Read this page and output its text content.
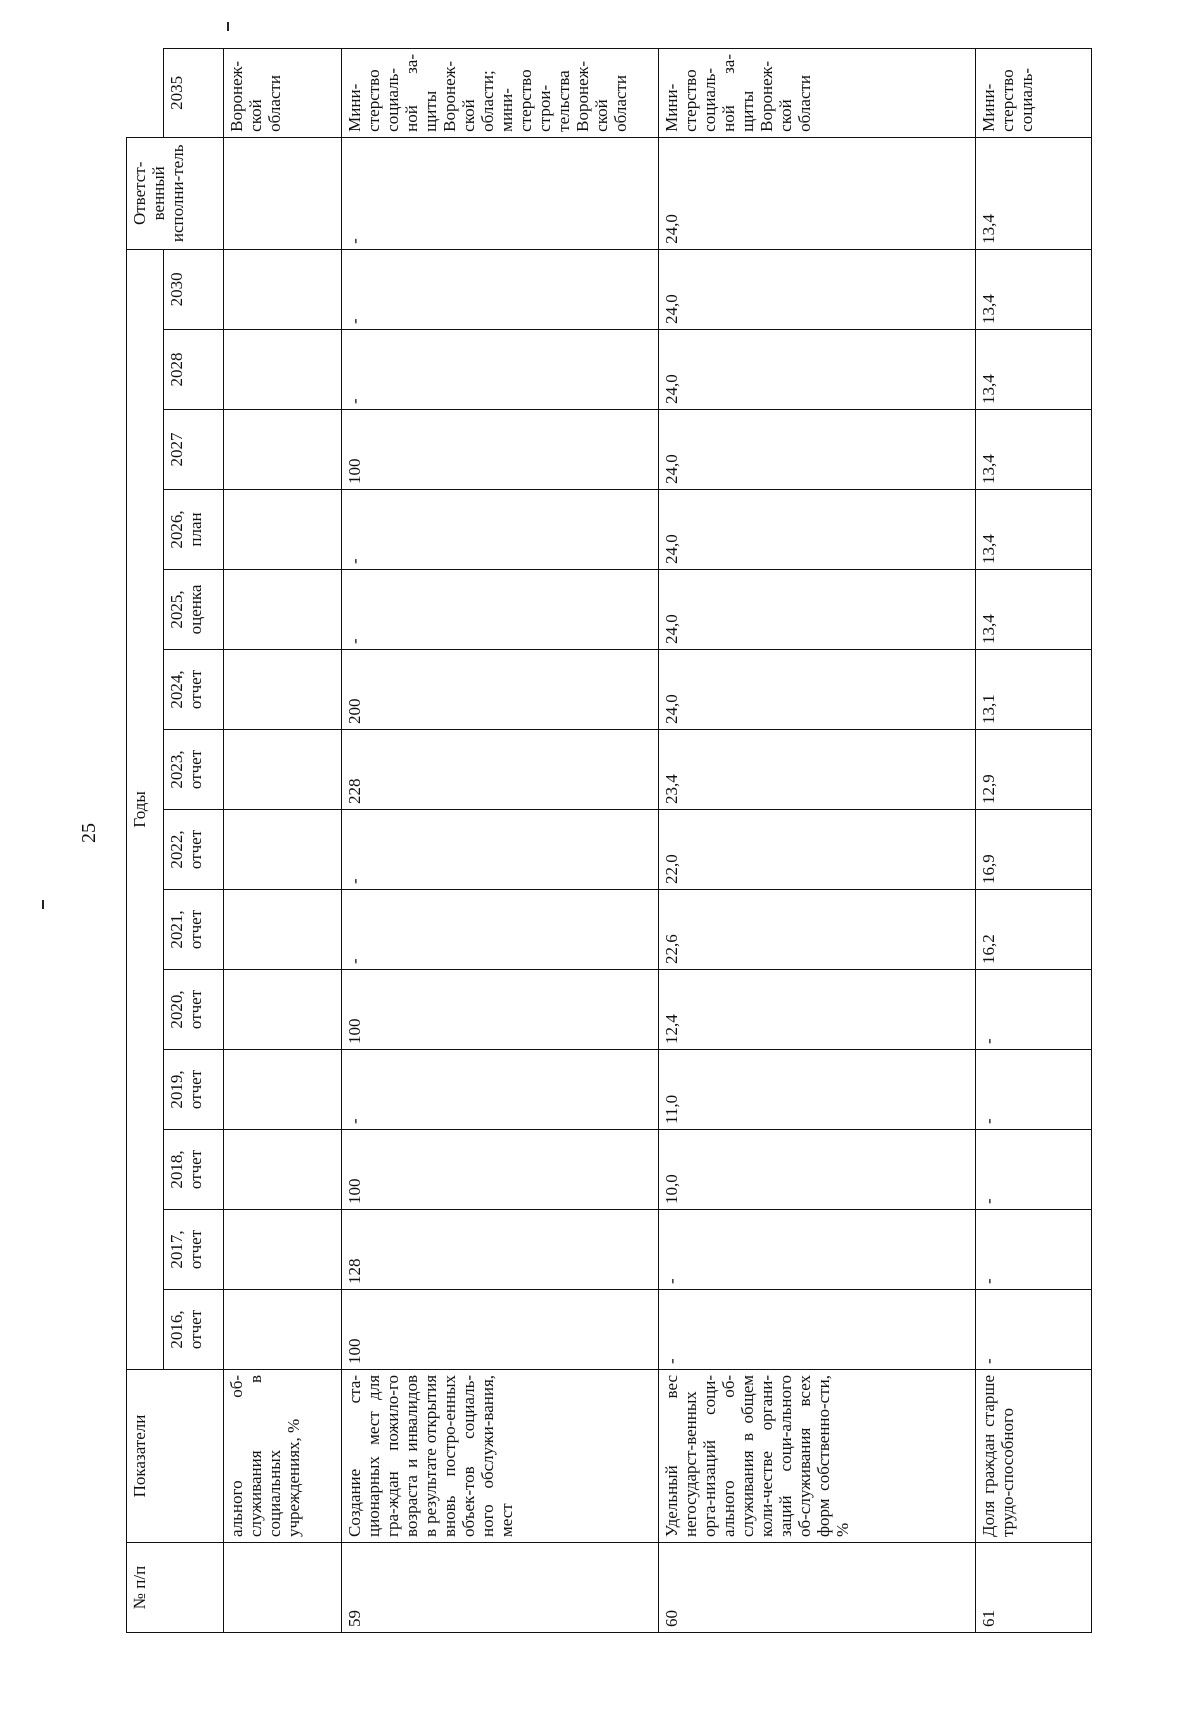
25
№ п/п	Показатели	Годы														Ответст-венный исполни-тель	
		2016, отчет	2017, отчет	2018, отчет	2019, отчет	2020, отчет	2021, отчет	2022, отчет	2023, отчет	2024, отчет	2025, оценка	2026, план	2027	2028	2030		2035
	ального об-служивания в социальных учреждениях, %																Воронеж-ской области
59	Создание ста-ционарных мест для гра-ждан пожило-го возраста и инвалидов в результате открытия вновь постро-енных объек-тов социаль-ного обслужи-вания, мест	100	128	100	-	100	-	-	228	200	-	-	100	-	-	-	Мини-стерство социаль-ной за-щиты Воронеж-ской области; мини-стерство строи-тельства Воронеж-ской области
60	Удельный вес негосударст-венных орга-низаций соци-ального об-служивания в общем коли-честве органи-заций соци-ального об-служивания всех форм собственно-сти, %	-	-	10,0	11,0	12,4	22,6	22,0	23,4	24,0	24,0	24,0	24,0	24,0	24,0	24,0	Мини-стерство социаль-ной за-щиты Воронеж-ской области
61	Доля граждан старше трудо-способного	-	-	-	-	-	16,2	16,9	12,9	13,1	13,4	13,4	13,4	13,4	13,4	13,4	Мини-стерство социаль-
